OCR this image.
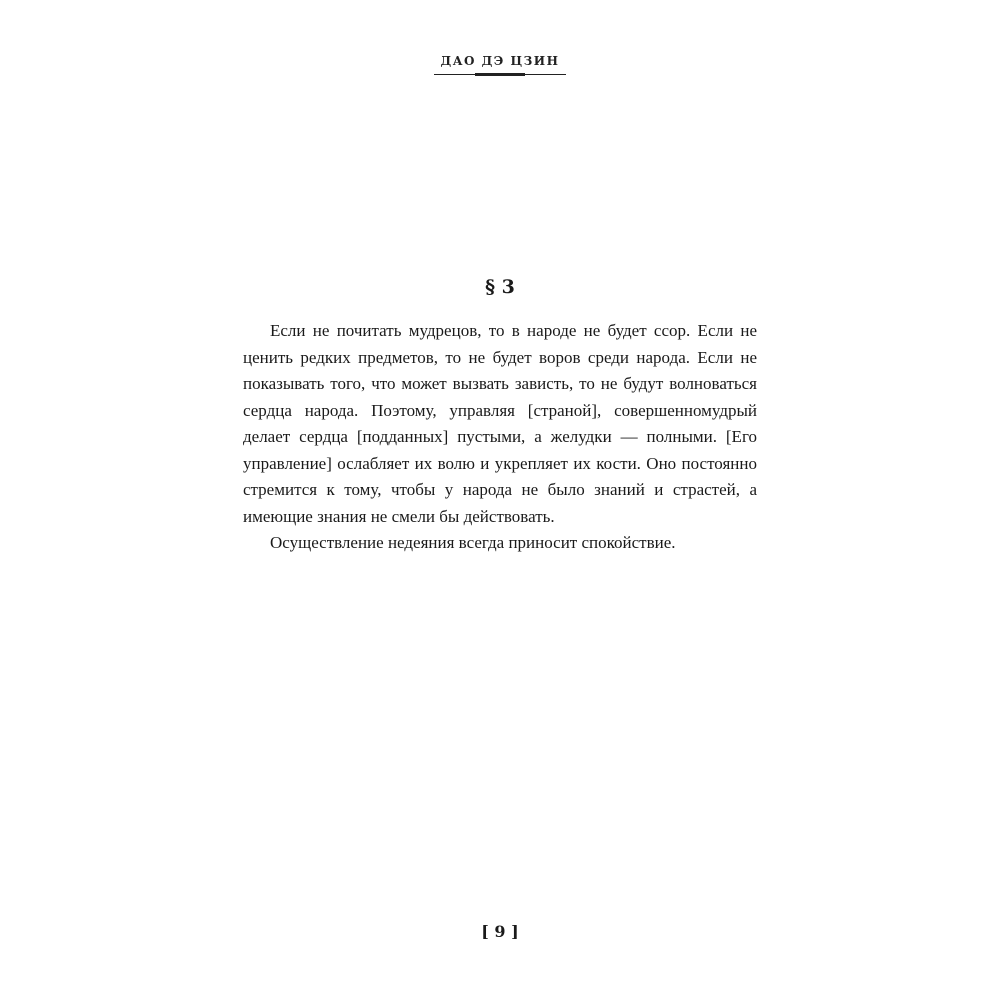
ДАО ДЭ ЦЗИН
§ 3

Если не почитать мудрецов, то в народе не будет ссор. Если не ценить редких предметов, то не будет воров среди народа. Если не показывать того, что может вызвать зависть, то не будут волноваться сердца народа. Поэтому, управляя [страной], совершенномудрый делает сердца [подданных] пустыми, а желудки — полными. [Его управление] ослабляет их волю и укрепляет их кости. Оно постоянно стремится к тому, чтобы у народа не было знаний и страстей, а имеющие знания не смели бы действовать.

Осуществление недеяния всегда приносит спокойствие.

[ 9 ]
